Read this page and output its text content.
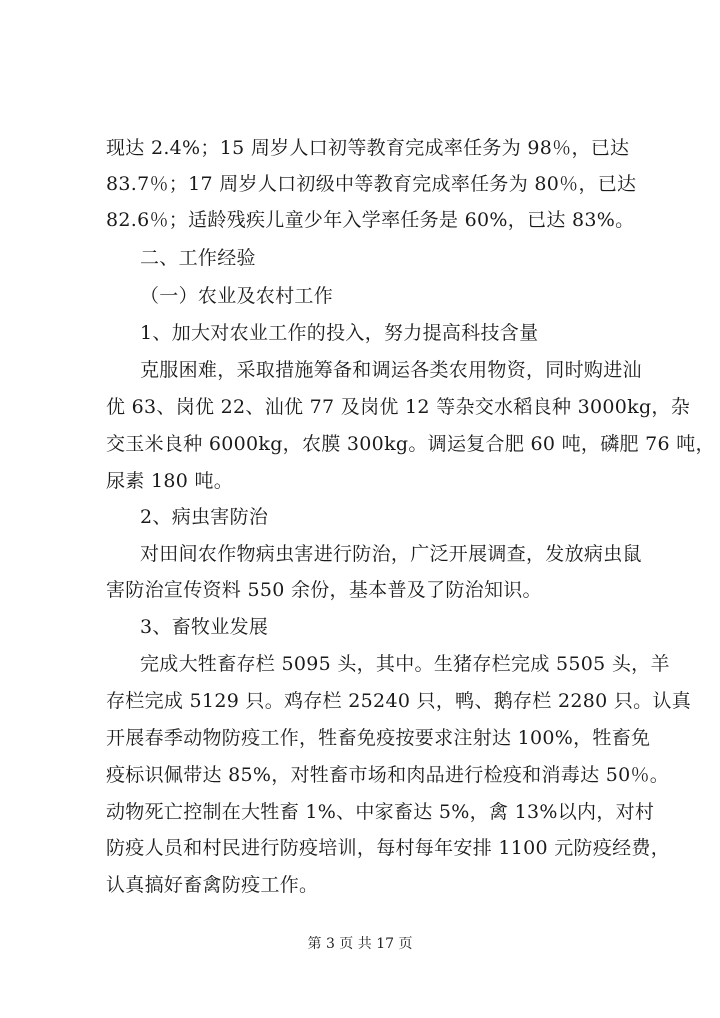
现达 2.4%；15 周岁人口初等教育完成率任务为 98％，已达
83.7％；17 周岁人口初级中等教育完成率任务为 80％，已达
82.6％；适龄残疾儿童少年入学率任务是 60%，已达 83%。
二、工作经验
（一）农业及农村工作
1、加大对农业工作的投入，努力提高科技含量
克服困难，采取措施筹备和调运各类农用物资，同时购进汕
优 63、岗优 22、汕优 77 及岗优 12 等杂交水稻良种 3000kg，杂
交玉米良种 6000kg，农膜 300kg。调运复合肥 60 吨，磷肥 76 吨，
尿素 180 吨。
2、病虫害防治
对田间农作物病虫害进行防治，广泛开展调查，发放病虫鼠
害防治宣传资料 550 余份，基本普及了防治知识。
3、畜牧业发展
完成大牲畜存栏 5095 头，其中。生猪存栏完成 5505 头，羊
存栏完成 5129 只。鸡存栏 25240 只，鸭、鹅存栏 2280 只。认真
开展春季动物防疫工作，牲畜免疫按要求注射达 100%，牲畜免
疫标识佩带达 85%，对牲畜市场和肉品进行检疫和消毒达 50％。
动物死亡控制在大牲畜 1%、中家畜达 5%，禽 13%以内，对村
防疫人员和村民进行防疫培训，每村每年安排 1100 元防疫经费，
认真搞好畜禽防疫工作。
第 3 页 共 17 页
